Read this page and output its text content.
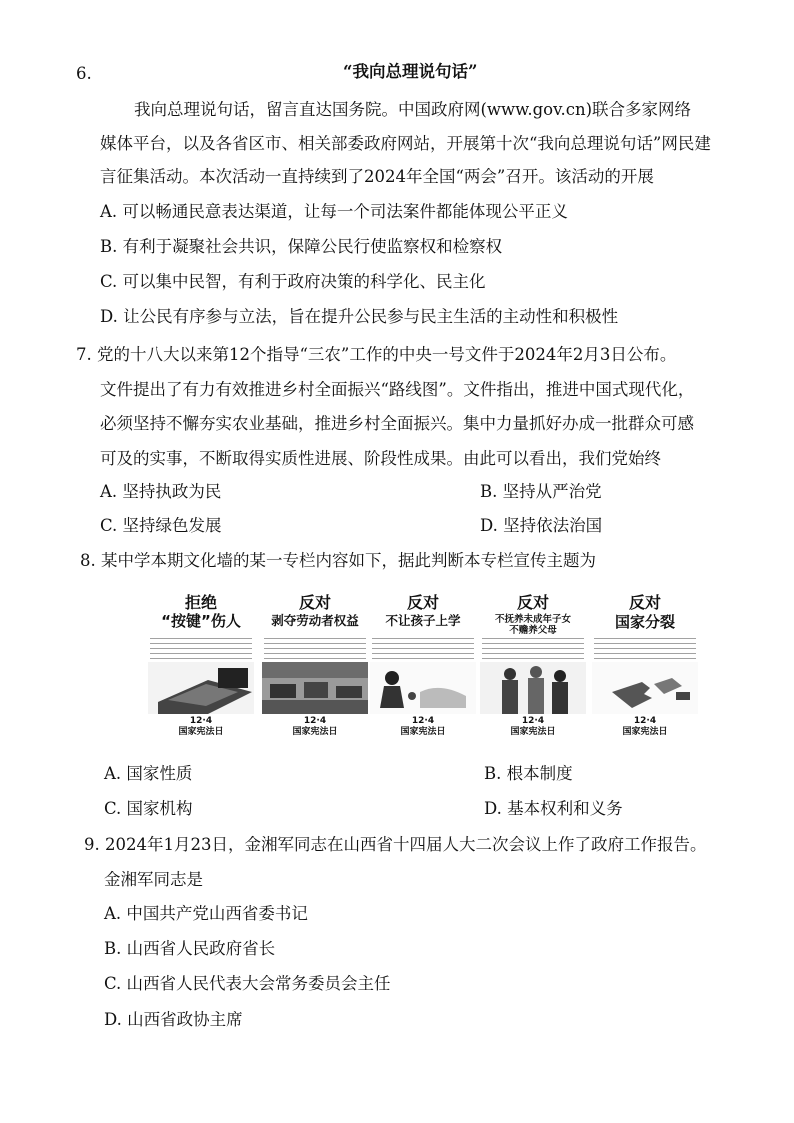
6.	“我向总理说句话”
我向总理说句话，留言直达国务院。中国政府网(www.gov.cn)联合多家网络
媒体平台，以及各省区市、相关部委政府网站，开展第十次“我向总理说句话”网民建
言征集活动。本次活动一直持续到了2024年全国“两会”召开。该活动的开展
A. 可以畅通民意表达渠道，让每一个司法案件都能体现公平正义
B. 有利于凝聚社会共识，保障公民行使监察权和检察权
C. 可以集中民智，有利于政府决策的科学化、民主化
D. 让公民有序参与立法，旨在提升公民参与民主生活的主动性和积极性
7. 党的十八大以来第12个指导“三农”工作的中央一号文件于2024年2月3日公布。
文件提出了有力有效推进乡村全面振兴“路线图”。文件指出，推进中国式现代化，
必须坚持不懈夯实农业基础，推进乡村全面振兴。集中力量抓好办成一批群众可感
可及的实事，不断取得实质性进展、阶段性成果。由此可以看出，我们党始终
A. 坚持执政为民	B. 坚持从严治党
C. 坚持绿色发展	D. 坚持依法治国
8. 某中学本期文化墙的某一专栏内容如下，据此判断本专栏宣传主题为
拒绝
“按键”伤人
12·4
国家宪法日
反对
剥夺劳动者权益
12·4
国家宪法日
反对
不让孩子上学
12·4
国家宪法日
反对
不抚养未成年子女 不赡养父母
12·4
国家宪法日
反对
国家分裂
12·4
国家宪法日
A. 国家性质	B. 根本制度
C. 国家机构	D. 基本权利和义务
9. 2024年1月23日，金湘军同志在山西省十四届人大二次会议上作了政府工作报告。
金湘军同志是
A. 中国共产党山西省委书记
B. 山西省人民政府省长
C. 山西省人民代表大会常务委员会主任
D. 山西省政协主席
